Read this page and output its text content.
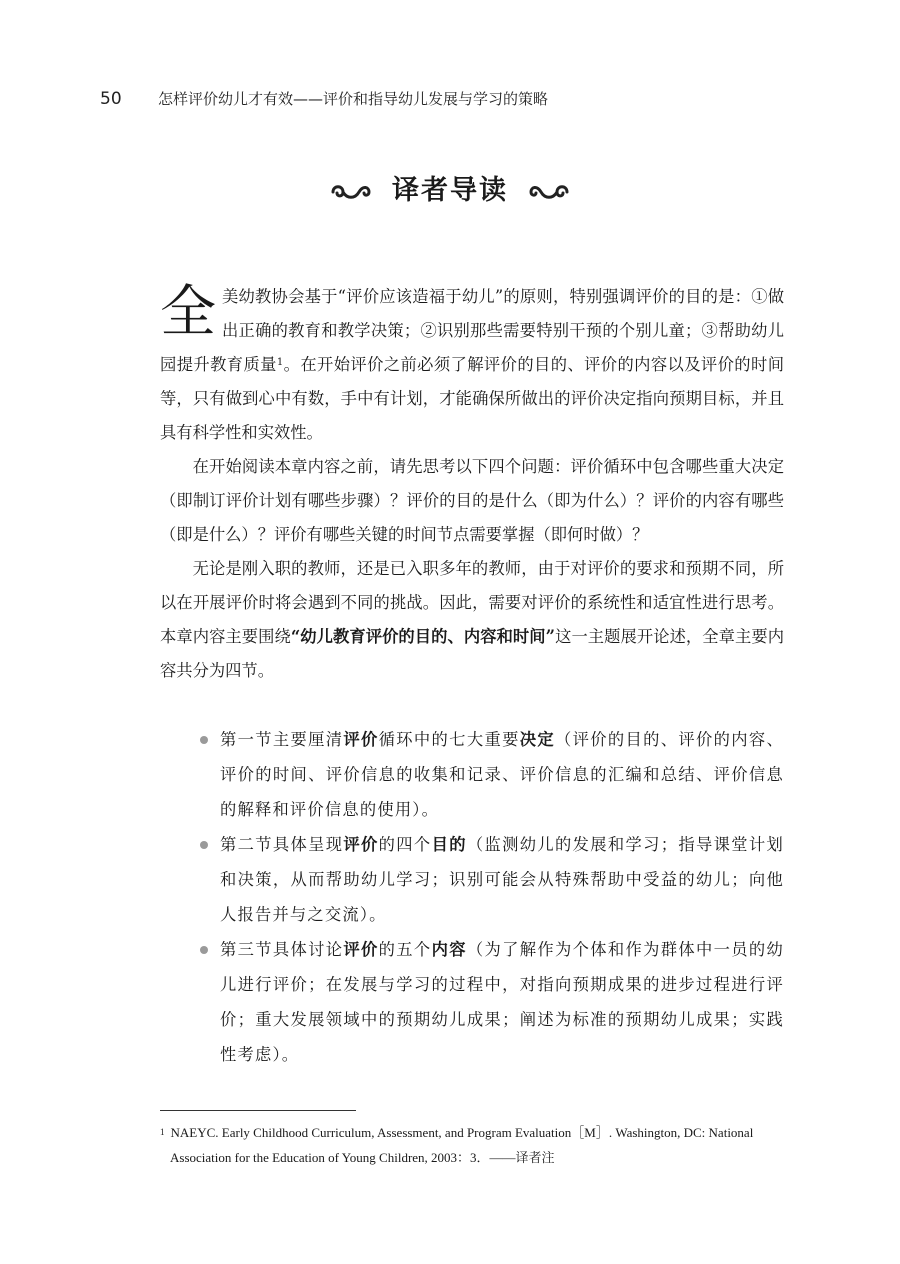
50 怎样评价幼儿才有效——评价和指导幼儿发展与学习的策略
译者导读

全美幼教协会基于“评价应该造福于幼儿”的原则，特别强调评价的目的是：①做出正确的教育和教学决策；②识别那些需要特别干预的个别儿童；③帮助幼儿园提升教育质量$^1$。在开始评价之前必须了解评价的目的、评价的内容以及评价的时间等，只有做到心中有数，手中有计划，才能确保所做出的评价决定指向预期目标，并且具有科学性和实效性。

在开始阅读本章内容之前，请先思考以下四个问题：评价循环中包含哪些重大决定（即制订评价计划有哪些步骤）？评价的目的是什么（即为什么）？评价的内容有哪些（即是什么）？评价有哪些关键的时间节点需要掌握（即何时做）？

无论是刚入职的教师，还是已入职多年的教师，由于对评价的要求和预期不同，所以在开展评价时将会遇到不同的挑战。因此，需要对评价的系统性和适宜性进行思考。本章内容主要围绕“幼儿教育评价的目的、内容和时间”这一主题展开论述，全章主要内容共分为四节。

第一节主要厘清评价循环中的七大重要决定（评价的目的、评价的内容、评价的时间、评价信息的收集和记录、评价信息的汇编和总结、评价信息的解释和评价信息的使用）。
第二节具体呈现评价的四个目的（监测幼儿的发展和学习；指导课堂计划和决策，从而帮助幼儿学习；识别可能会从特殊帮助中受益的幼儿；向他人报告并与之交流）。
第三节具体讨论评价的五个内容（为了解作为个体和作为群体中一员的幼儿进行评价；在发展与学习的过程中，对指向预期成果的进步过程进行评价；重大发展领域中的预期幼儿成果；阐述为标准的预期幼儿成果；实践性考虑）。
$^1$ NAEYC. Early Childhood Curriculum, Assessment, and Program Evaluation［M］. Washington, DC: National
Association for the Education of Young Children, 2003：3．——译者注
